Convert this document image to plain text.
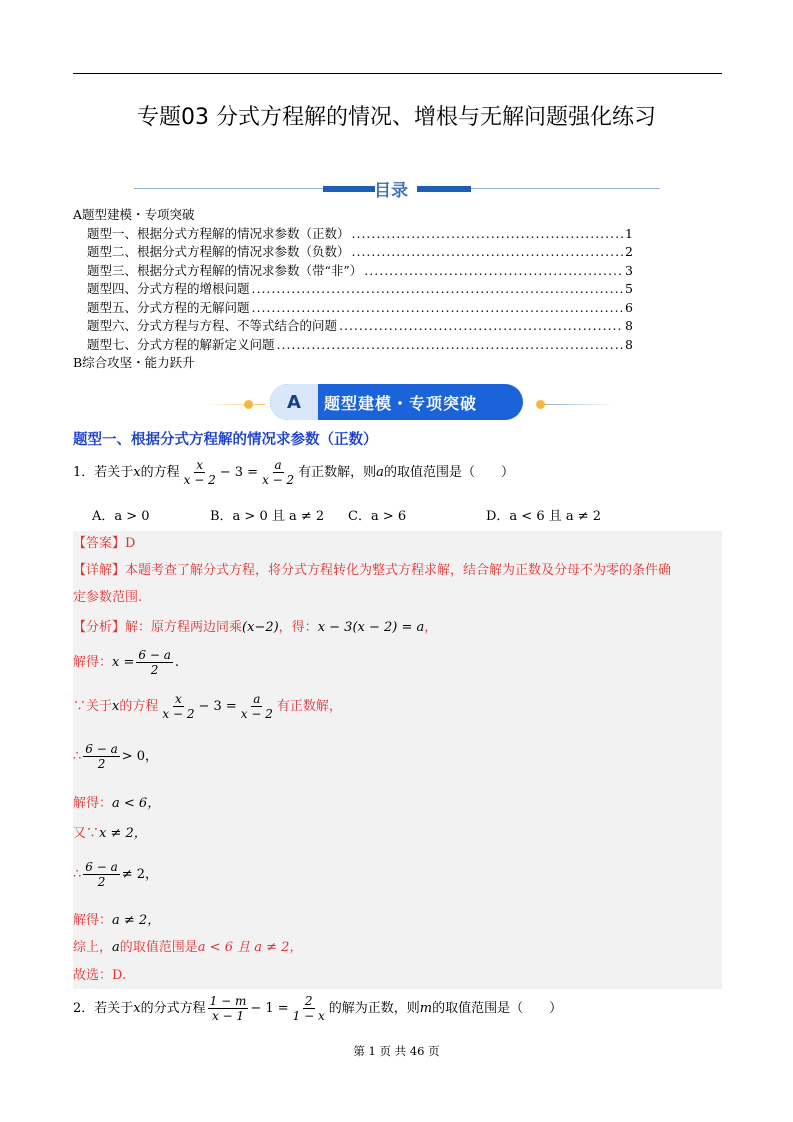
专题03 分式方程解的情况、增根与无解问题强化练习
目录
A题型建模・专项突破
题型一、根据分式方程解的情况求参数（正数） .....	1
题型二、根据分式方程解的情况求参数（负数） .....	2
题型三、根据分式方程解的情况求参数（带“非”） .....	3
题型四、分式方程的增根问题 .....	5
题型五、分式方程的无解问题 .....	6
题型六、分式方程与方程、不等式结合的问题 .....	8
题型七、分式方程的解新定义问题 .....	8
B综合攻坚・能力跃升
A	题型建模・专项突破
题型一、根据分式方程解的情况求参数（正数）
1．若关于x的方程 $\frac{x}{x - 2} - 3 = \frac{a}{x - 2}$ 有正数解，则a的取值范围是（　　）
A．a > 0	B．a > 0 且 a ≠ 2 C．a > 6	D．a < 6 且 a ≠ 2
【答案】D
【详解】本题考查了解分式方程，将分式方程转化为整式方程求解，结合解为正数及分母不为零的条件确
定参数范围.
【分析】解：原方程两边同乘(x−2)，得：x − 3(x − 2) = a，
解得：$x = \frac{6 - a}{2}$ .
∵关于x的方程 $\frac{x}{x - 2} - 3 = \frac{a}{x - 2}$ 有正数解，
∴ $\frac{6 - a}{2} > 0$，
解得：a < 6，
又∵x ≠ 2，
∴ $\frac{6 - a}{2} \ne 2$，
解得：a ≠ 2，
综上，a的取值范围是a < 6 且 a ≠ 2，
故选：D.
2．若关于x的分式方程 $\frac{1 - m}{x - 1} - 1 = \frac{2}{1 - x}$ 的解为正数，则m的取值范围是（　　）
第 1 页 共 46 页
